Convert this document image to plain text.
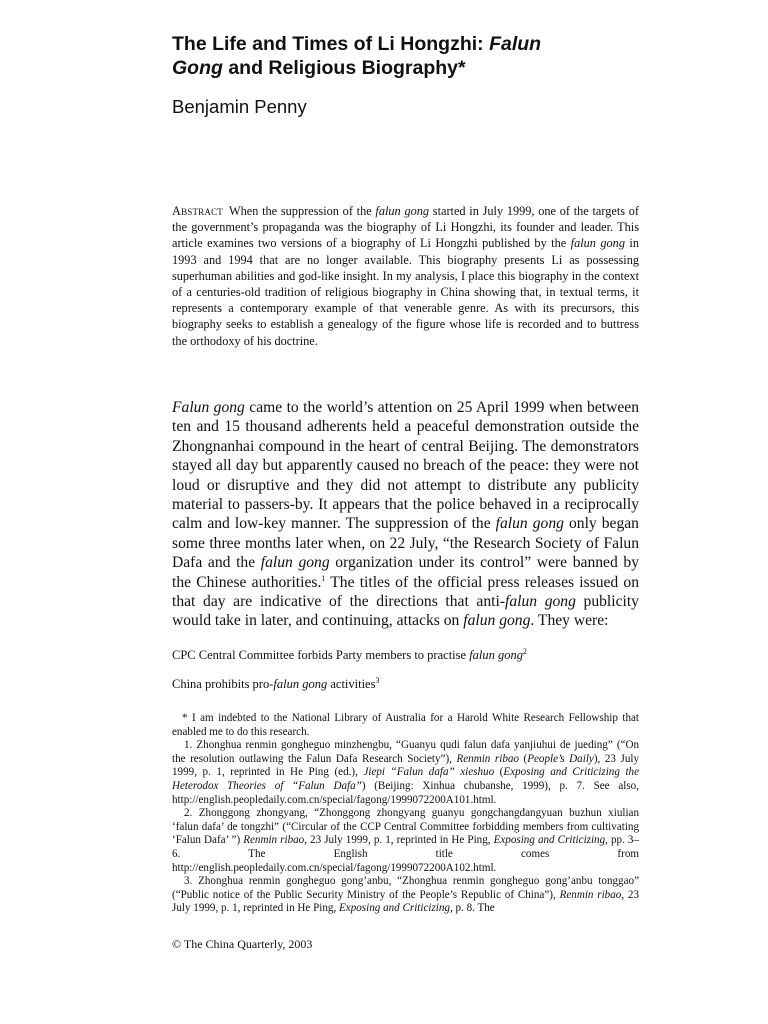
The Life and Times of Li Hongzhi: Falun
Gong and Religious Biography*

Benjamin Penny

Abstract When the suppression of the falun gong started in July 1999, one of the targets of the government’s propaganda was the biography of Li Hongzhi, its founder and leader. This article examines two versions of a biography of Li Hongzhi published by the falun gong in 1993 and 1994 that are no longer available. This biography presents Li as possessing superhuman abilities and god-like insight. In my analysis, I place this biography in the context of a centuries-old tradition of religious biography in China showing that, in textual terms, it represents a contemporary example of that venerable genre. As with its precursors, this biography seeks to establish a genealogy of the figure whose life is recorded and to buttress the orthodoxy of his doctrine.

Falun gong came to the world’s attention on 25 April 1999 when between ten and 15 thousand adherents held a peaceful demonstration outside the Zhongnanhai compound in the heart of central Beijing. The demonstrators stayed all day but apparently caused no breach of the peace: they were not loud or disruptive and they did not attempt to distribute any publicity material to passers-by. It appears that the police behaved in a reciprocally calm and low-key manner. The suppression of the falun gong only began some three months later when, on 22 July, “the Research Society of Falun Dafa and the falun gong organization under its control” were banned by the Chinese authorities.$^1$ The titles of the official press releases issued on that day are indicative of the directions that anti-falun gong publicity would take in later, and continuing, attacks on falun gong. They were:

CPC Central Committee forbids Party members to practise falun gong$^2$

China prohibits pro-falun gong activities$^3$

* I am indebted to the National Library of Australia for a Harold White Research Fellowship that enabled me to do this research.

1. Zhonghua renmin gongheguo minzhengbu, “Guanyu qudi falun dafa yanjiuhui de jueding” (“On the resolution outlawing the Falun Dafa Research Society”), Renmin ribao (People’s Daily), 23 July 1999, p. 1, reprinted in He Ping (ed.), Jiepi “Falun dafa” xieshuo (Exposing and Criticizing the Heterodox Theories of “Falun Dafa”) (Beijing: Xinhua chubanshe, 1999), p. 7. See also, http://english.peopledaily.com.cn/special/fagong/1999072200A101.html.

2. Zhonggong zhongyang, “Zhonggong zhongyang guanyu gongchangdangyuan buzhun xiulian ‘falun dafa’ de tongzhi” (“Circular of the CCP Central Committee forbidding members from cultivating ‘Falun Dafa’ ”) Renmin ribao, 23 July 1999, p. 1, reprinted in He Ping, Exposing and Criticizing, pp. 3–6. The English title comes from http://english.peopledaily.com.cn/special/fagong/1999072200A102.html.

3. Zhonghua renmin gongheguo gong’anbu, “Zhonghua renmin gongheguo gong’anbu tonggao” (“Public notice of the Public Security Ministry of the People’s Republic of China”), Renmin ribao, 23 July 1999, p. 1, reprinted in He Ping, Exposing and Criticizing, p. 8. The

© The China Quarterly, 2003
